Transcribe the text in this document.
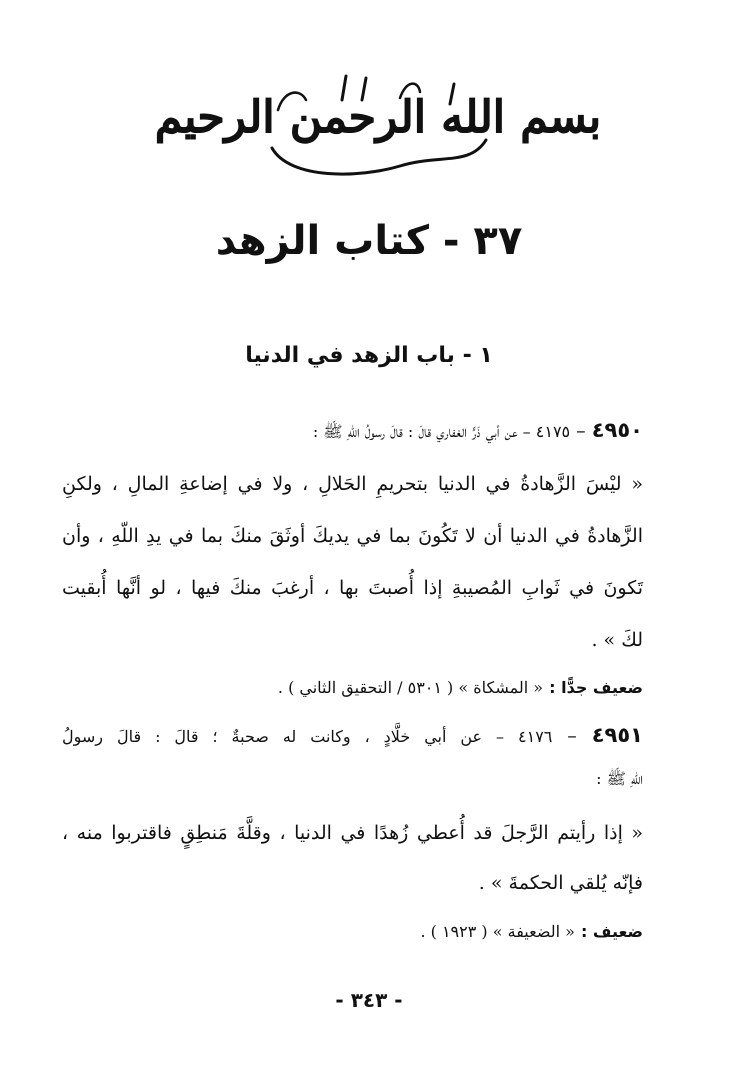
بسم الله الرحمن الرحيم
٣٧ - كتاب الزهد
١ - باب الزهد في الدنيا
٤٩٥٠ – ٤١٧٥ – عن أبي ذَرٍّ الغفاري قالَ : قالَ رسولُ اللهِ ﷺ :
« ليْسَ الزَّهادةُ في الدنيا بتحريمِ الحَلالِ ، ولا في إضاعةِ المالِ ، ولكنِ
الزَّهادةُ في الدنيا أن لا تَكُونَ بما في يديكَ أوثَقَ منكَ بما في يدِ اللّهِ ، وأن
تَكونَ في ثَوابِ المُصيبةِ إذا أُصبتَ بها ، أرغبَ منكَ فيها ، لو أنَّها أُبقيت
لكَ » .
ضعيف جدًّا : « المشكاة » ( ٥٣٠١ / التحقيق الثاني ) .
٤٩٥١ – ٤١٧٦ – عن أبي خلَّادٍ ، وكانت له صحبةٌ ؛ قالَ : قالَ رسولُ
اللهِ ﷺ :
« إذا رأيتم الرَّجلَ قد أُعطي زُهدًا في الدنيا ، وقلَّةَ مَنطِقٍ فاقتربوا منه ،
فإنّه يُلقي الحكمةَ » .
ضعيف : « الضعيفة » ( ١٩٢٣ ) .
- ٣٤٣ -
